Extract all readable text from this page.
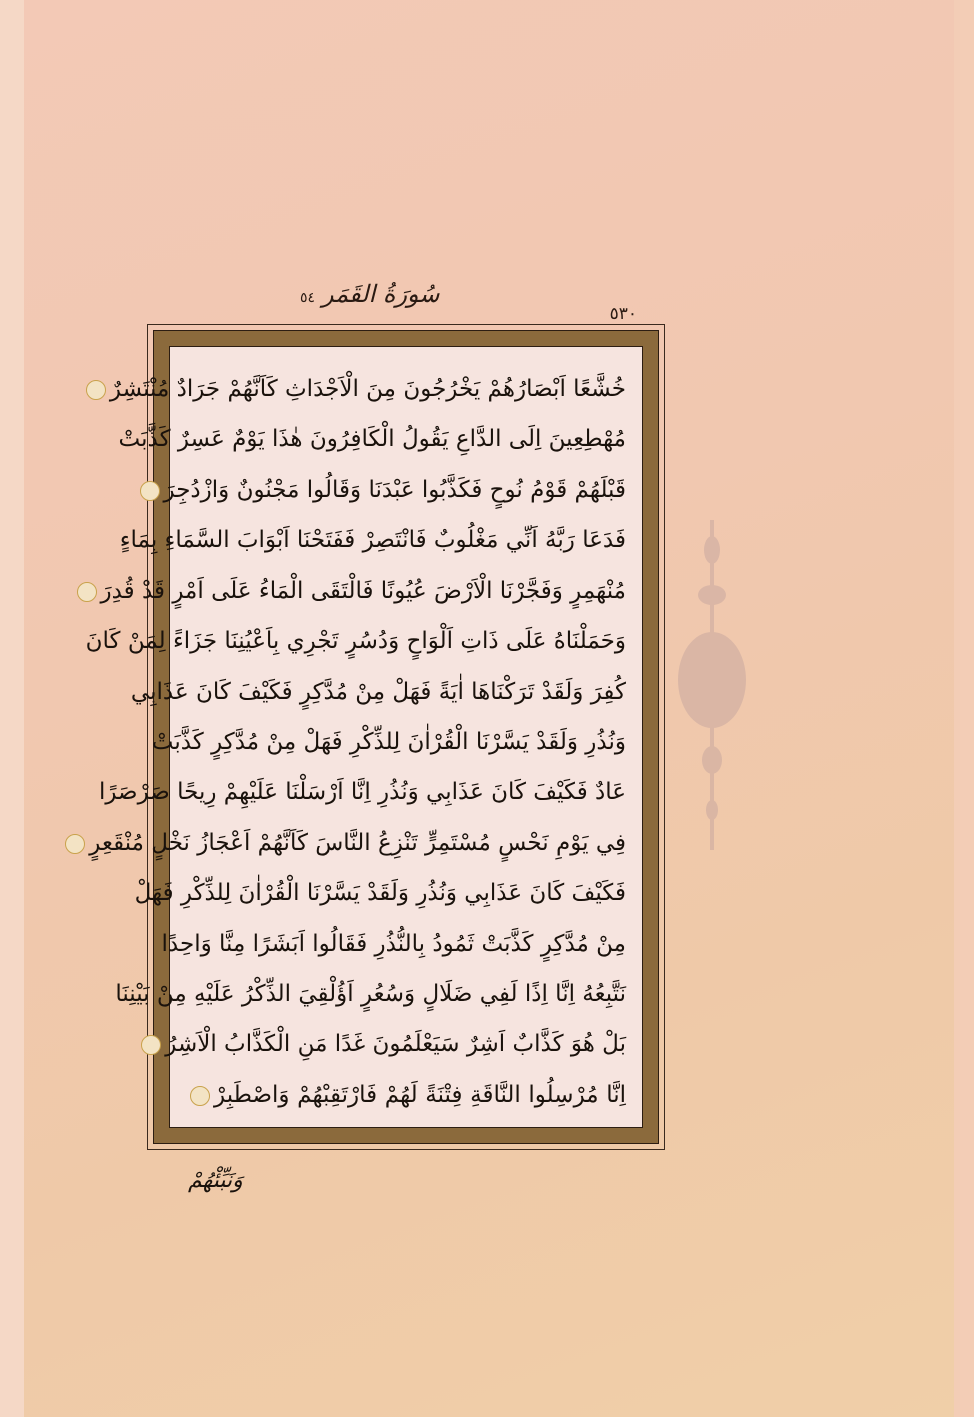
سُورَةُ القَمَر
٥٤
٥٣٠
خُشَّعًا اَبْصَارُهُمْ يَخْرُجُونَ مِنَ الْاَجْدَاثِ كَاَنَّهُمْ جَرَادٌ مُنْتَشِرٌ
مُهْطِعِينَ اِلَى الدَّاعِ يَقُولُ الْكَافِرُونَ هٰذَا يَوْمٌ عَسِرٌ كَذَّبَتْ
قَبْلَهُمْ قَوْمُ نُوحٍ فَكَذَّبُوا عَبْدَنَا وَقَالُوا مَجْنُونٌ وَازْدُجِرَ
فَدَعَا رَبَّهُ اَنِّي مَغْلُوبٌ فَانْتَصِرْ فَفَتَحْنَا اَبْوَابَ السَّمَاءِ بِمَاءٍ
مُنْهَمِرٍ وَفَجَّرْنَا الْاَرْضَ عُيُونًا فَالْتَقَى الْمَاءُ عَلَى اَمْرٍ قَدْ قُدِرَ
وَحَمَلْنَاهُ عَلَى ذَاتِ اَلْوَاحٍ وَدُسُرٍ تَجْرِي بِاَعْيُنِنَا جَزَاءً لِمَنْ كَانَ
كُفِرَ وَلَقَدْ تَرَكْنَاهَا اٰيَةً فَهَلْ مِنْ مُدَّكِرٍ فَكَيْفَ كَانَ عَذَابِي
وَنُذُرِ وَلَقَدْ يَسَّرْنَا الْقُرْاٰنَ لِلذِّكْرِ فَهَلْ مِنْ مُدَّكِرٍ كَذَّبَتْ
عَادٌ فَكَيْفَ كَانَ عَذَابِي وَنُذُرِ اِنَّا اَرْسَلْنَا عَلَيْهِمْ رِيحًا صَرْصَرًا
فِي يَوْمِ نَحْسٍ مُسْتَمِرٍّ تَنْزِعُ النَّاسَ كَاَنَّهُمْ اَعْجَازُ نَخْلٍ مُنْقَعِرٍ
فَكَيْفَ كَانَ عَذَابِي وَنُذُرِ وَلَقَدْ يَسَّرْنَا الْقُرْاٰنَ لِلذِّكْرِ فَهَلْ
مِنْ مُدَّكِرٍ كَذَّبَتْ ثَمُودُ بِالنُّذُرِ فَقَالُوا اَبَشَرًا مِنَّا وَاحِدًا
نَتَّبِعُهُ اِنَّا اِذًا لَفِي ضَلَالٍ وَسُعُرٍ اَؤُلْقِيَ الذِّكْرُ عَلَيْهِ مِنْ بَيْنِنَا
بَلْ هُوَ كَذَّابٌ اَشِرٌ سَيَعْلَمُونَ غَدًا مَنِ الْكَذَّابُ الْاَشِرُ
اِنَّا مُرْسِلُوا النَّاقَةِ فِتْنَةً لَهُمْ فَارْتَقِبْهُمْ وَاصْطَبِرْ
وَنَبِّئْهُمْ
